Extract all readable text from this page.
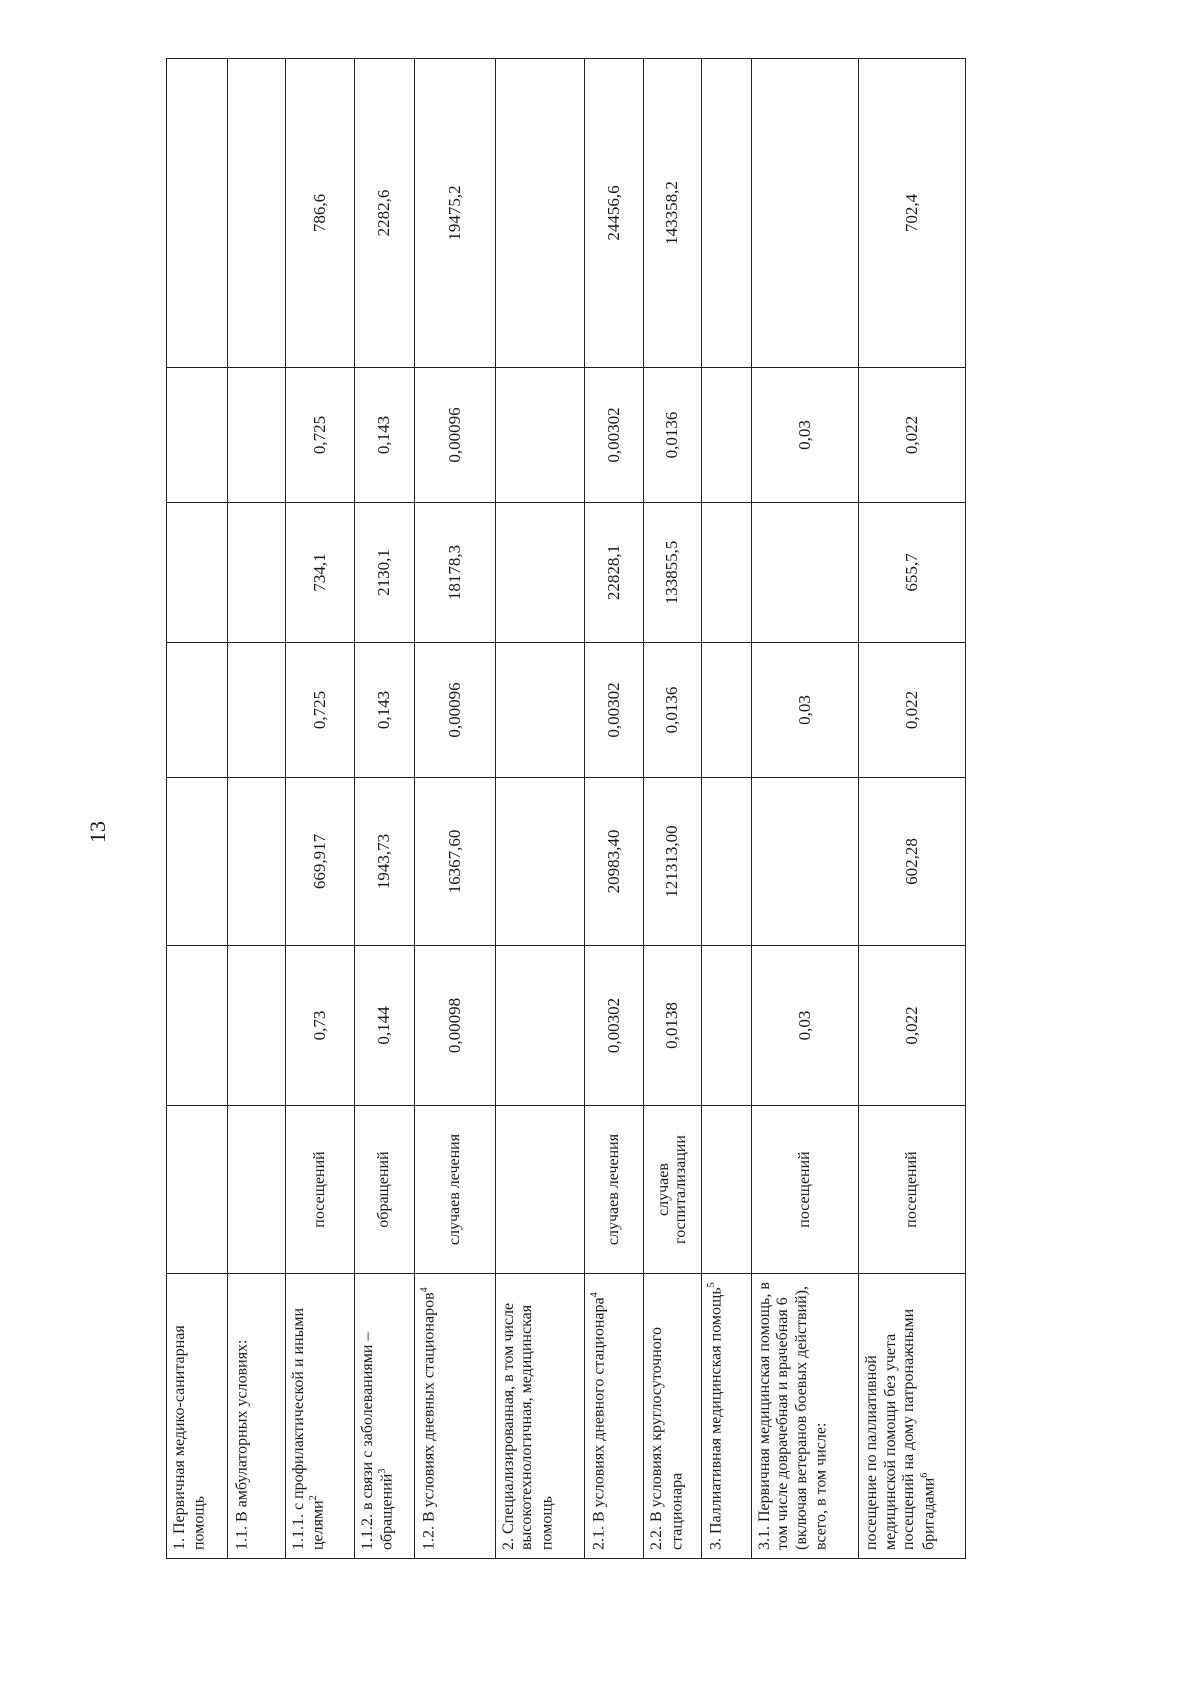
13
1. Первичная медико-санитарная помощь							
1.1. В амбулаторных условиях:							
1.1.1. с профилактической и иными целями$^2$	посещений	0,73	669,917	0,725	734,1	0,725	786,6
1.1.2. в связи с заболеваниями – обращений$^3$	обращений	0,144	1943,73	0,143	2130,1	0,143	2282,6
1.2. В условиях дневных стационаров$^4$	случаев лечения	0,00098	16367,60	0,00096	18178,3	0,00096	19475,2
2. Специализированная, в том числе высокотехнологичная, медицинская помощь							
2.1. В условиях дневного стационара$^4$	случаев лечения	0,00302	20983,40	0,00302	22828,1	0,00302	24456,6
2.2. В условиях круглосуточного стационара	случаев госпитализации	0,0138	121313,00	0,0136	133855,5	0,0136	143358,2
3. Паллиативная медицинская помощь$^5$							
3.1. Первичная медицинская помощь, в том числе доврачебная и врачебная 6 (включая ветеранов боевых действий), всего, в том числе:	посещений	0,03		0,03		0,03	
посещение по паллиативной медицинской помощи без учета посещений на дому патронажными бригадами$^6$	посещений	0,022	602,28	0,022	655,7	0,022	702,4
